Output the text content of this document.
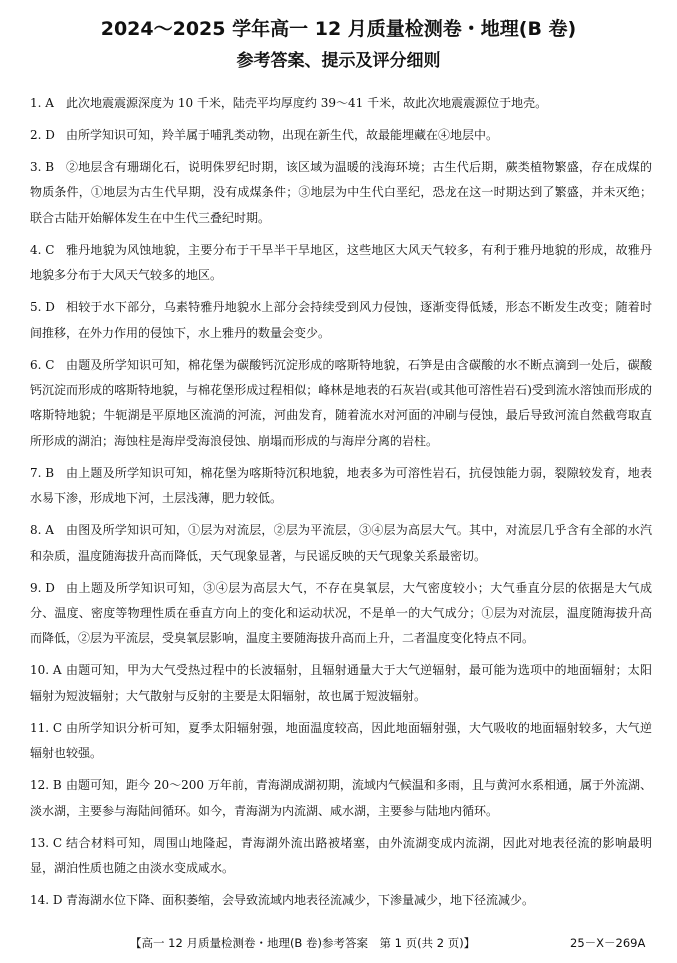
2024～2025 学年高一 12 月质量检测卷・地理(B 卷)
参考答案、提示及评分细则
1. A	此次地震震源深度为 10 千米，陆壳平均厚度约 39～41 千米，故此次地震震源位于地壳。
2. D 由所学知识可知，羚羊属于哺乳类动物，出现在新生代，故最能埋藏在④地层中。
3. B ②地层含有珊瑚化石，说明侏罗纪时期，该区域为温暖的浅海环境；古生代后期，蕨类植物繁盛，存在成煤的物质条件，①地层为古生代早期，没有成煤条件；③地层为中生代白垩纪，恐龙在这一时期达到了繁盛，并未灭绝；联合古陆开始解体发生在中生代三叠纪时期。
4. C 雅丹地貌为风蚀地貌，主要分布于干旱半干旱地区，这些地区大风天气较多，有利于雅丹地貌的形成，故雅丹地貌多分布于大风天气较多的地区。
5. D 相较于水下部分，乌素特雅丹地貌水上部分会持续受到风力侵蚀，逐渐变得低矮，形态不断发生改变；随着时间推移，在外力作用的侵蚀下，水上雅丹的数量会变少。
6. C 由题及所学知识可知，棉花堡为碳酸钙沉淀形成的喀斯特地貌，石笋是由含碳酸的水不断点滴到一处后，碳酸钙沉淀而形成的喀斯特地貌，与棉花堡形成过程相似；峰林是地表的石灰岩(或其他可溶性岩石)受到流水溶蚀而形成的喀斯特地貌；牛轭湖是平原地区流淌的河流，河曲发育，随着流水对河面的冲刷与侵蚀，最后导致河流自然截弯取直所形成的湖泊；海蚀柱是海岸受海浪侵蚀、崩塌而形成的与海岸分离的岩柱。
7. B 由上题及所学知识可知，棉花堡为喀斯特沉积地貌，地表多为可溶性岩石，抗侵蚀能力弱，裂隙较发育，地表水易下渗，形成地下河，土层浅薄，肥力较低。
8. A	由图及所学知识可知，①层为对流层，②层为平流层，③④层为高层大气。其中，对流层几乎含有全部的水汽和杂质，温度随海拔升高而降低，天气现象显著，与民谣反映的天气现象关系最密切。
9. D 由上题及所学知识可知，③④层为高层大气，不存在臭氧层，大气密度较小；大气垂直分层的依据是大气成分、温度、密度等物理性质在垂直方向上的变化和运动状况，不是单一的大气成分；①层为对流层，温度随海拔升高而降低，②层为平流层，受臭氧层影响，温度主要随海拔升高而上升，二者温度变化特点不同。
10. A 由题可知，甲为大气受热过程中的长波辐射，且辐射通量大于大气逆辐射，最可能为选项中的地面辐射；太阳辐射为短波辐射；大气散射与反射的主要是太阳辐射，故也属于短波辐射。
11. C 由所学知识分析可知，夏季太阳辐射强，地面温度较高，因此地面辐射强，大气吸收的地面辐射较多，大气逆辐射也较强。
12. B 由题可知，距今 20～200 万年前，青海湖成湖初期，流域内气候温和多雨，且与黄河水系相通，属于外流湖、淡水湖，主要参与海陆间循环。如今，青海湖为内流湖、咸水湖，主要参与陆地内循环。
13. C 结合材料可知，周围山地隆起，青海湖外流出路被堵塞，由外流湖变成内流湖，因此对地表径流的影响最明显，湖泊性质也随之由淡水变成咸水。
14. D 青海湖水位下降、面积萎缩，会导致流域内地表径流减少，下渗量减少，地下径流减少。
【高一 12 月质量检测卷・地理(B 卷)参考答案　第 1 页(共 2 页)】	25－X－269A
